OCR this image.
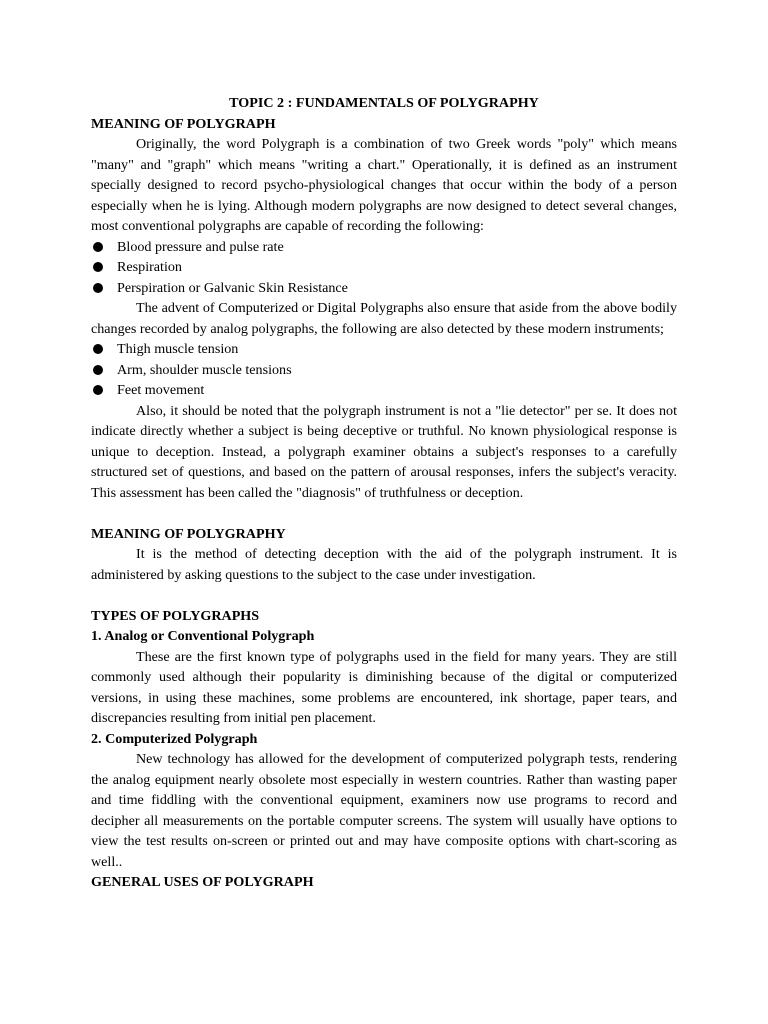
TOPIC 2 : FUNDAMENTALS OF POLYGRAPHY
MEANING OF POLYGRAPH
Originally, the word Polygraph is a combination of two Greek words "poly" which means "many" and "graph" which means "writing a chart." Operationally, it is defined as an instrument specially designed to record psycho-physiological changes that occur within the body of a person especially when he is lying. Although modern polygraphs are now designed to detect several changes, most conventional polygraphs are capable of recording the following:
Blood pressure and pulse rate
Respiration
Perspiration or Galvanic Skin Resistance
The advent of Computerized or Digital Polygraphs also ensure that aside from the above bodily changes recorded by analog polygraphs, the following are also detected by these modern instruments;
Thigh muscle tension
Arm, shoulder muscle tensions
Feet movement
Also, it should be noted that the polygraph instrument is not a "lie detector" per se. It does not indicate directly whether a subject is being deceptive or truthful. No known physiological response is unique to deception. Instead, a polygraph examiner obtains a subject's responses to a carefully structured set of questions, and based on the pattern of arousal responses, infers the subject's veracity. This assessment has been called the "diagnosis" of truthfulness or deception.
MEANING OF POLYGRAPHY
It is the method of detecting deception with the aid of the polygraph instrument. It is administered by asking questions to the subject to the case under investigation.
TYPES OF POLYGRAPHS
1. Analog or Conventional Polygraph
These are the first known type of polygraphs used in the field for many years. They are still commonly used although their popularity is diminishing because of the digital or computerized versions, in using these machines, some problems are encountered, ink shortage, paper tears, and discrepancies resulting from initial pen placement.
2. Computerized Polygraph
New technology has allowed for the development of computerized polygraph tests, rendering the analog equipment nearly obsolete most especially in western countries. Rather than wasting paper and time fiddling with the conventional equipment, examiners now use programs to record and decipher all measurements on the portable computer screens. The system will usually have options to view the test results on-screen or printed out and may have composite options with chart-scoring as well..
GENERAL USES OF POLYGRAPH
